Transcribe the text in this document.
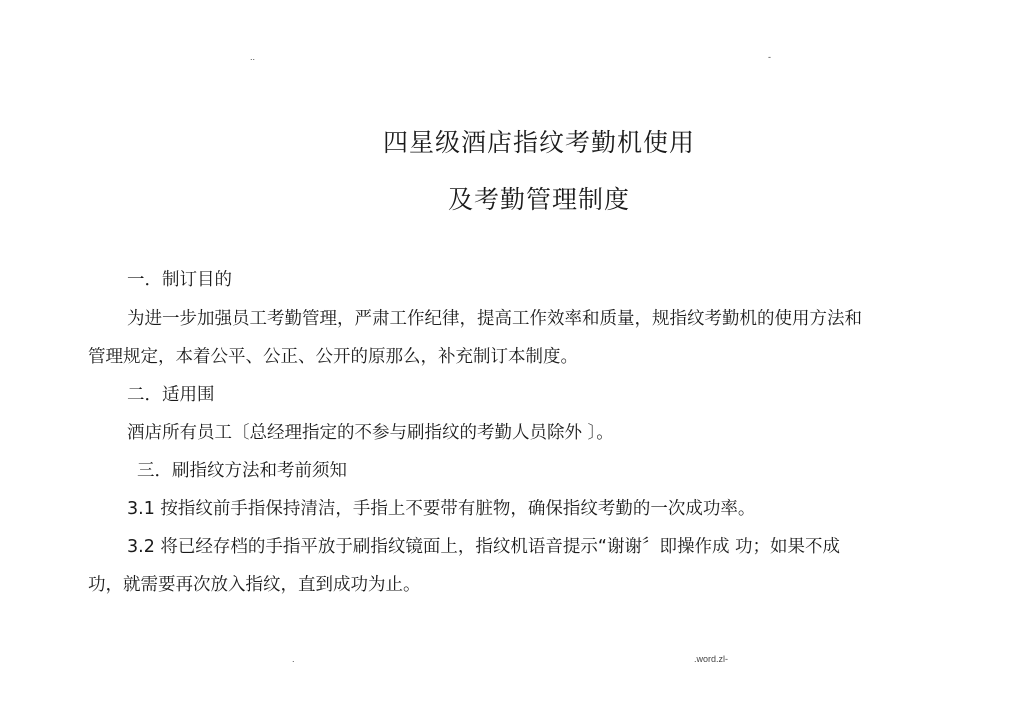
..	-
四星级酒店指纹考勤机使用
及考勤管理制度
一．制订目的
为进一步加强员工考勤管理，严肃工作纪律，提高工作效率和质量，规指纹考勤机的使用方法和
管理规定，本着公平、公正、公开的原那么，补充制订本制度。
二．适用围
酒店所有员工〔总经理指定的不参与刷指纹的考勤人员除外 〕。
三．刷指纹方法和考前须知
3.1 按指纹前手指保持清洁，手指上不要带有脏物，确保指纹考勤的一次成功率。
3.2 将已经存档的手指平放于刷指纹镜面上，指纹机语音提示“谢谢〞即操作成 功；如果不成
功，就需要再次放入指纹，直到成功为止。
.	.word.zl-
